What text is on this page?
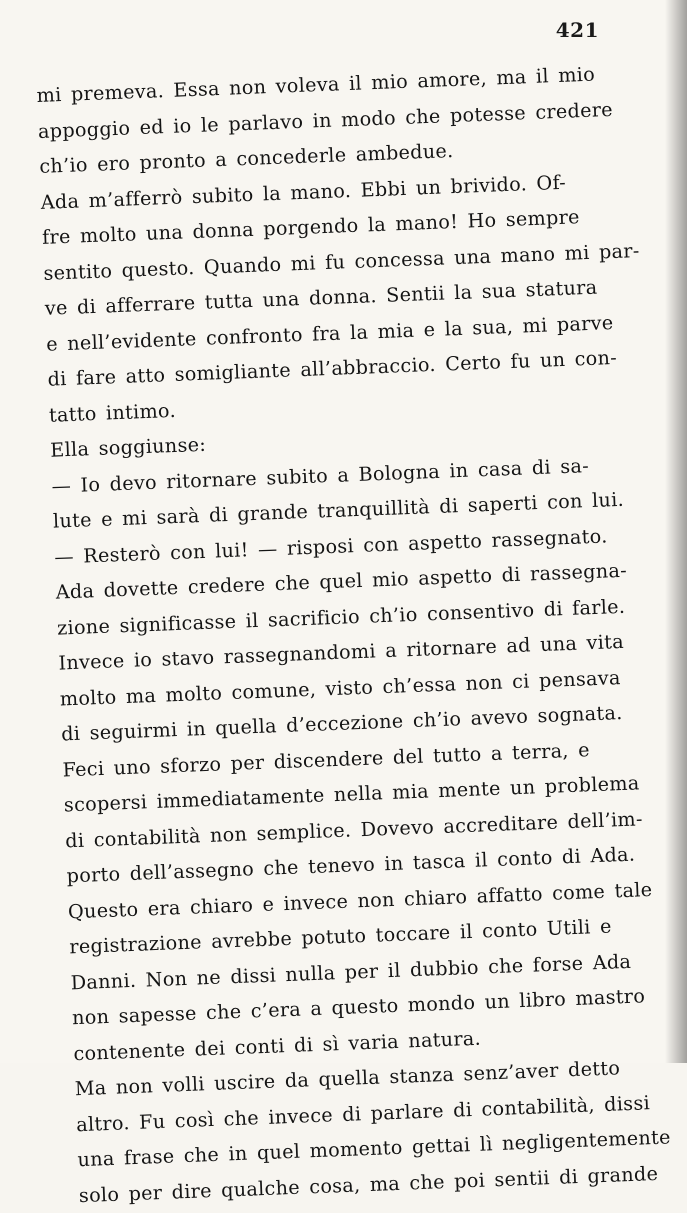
421
mi premeva. Essa non voleva il mio amore, ma il mio
appoggio ed io le parlavo in modo che potesse credere
ch’io ero pronto a concederle ambedue.
Ada m’afferrò subito la mano. Ebbi un brivido. Of-
fre molto una donna porgendo la mano! Ho sempre
sentito questo. Quando mi fu concessa una mano mi par-
ve di afferrare tutta una donna. Sentii la sua statura
e nell’evidente confronto fra la mia e la sua, mi parve
di fare atto somigliante all’abbraccio. Certo fu un con-
tatto intimo.
Ella soggiunse:
— Io devo ritornare subito a Bologna in casa di sa-
lute e mi sarà di grande tranquillità di saperti con lui.
— Resterò con lui! — risposi con aspetto rassegnato.
Ada dovette credere che quel mio aspetto di rassegna-
zione significasse il sacrificio ch’io consentivo di farle.
Invece io stavo rassegnandomi a ritornare ad una vita
molto ma molto comune, visto ch’essa non ci pensava
di seguirmi in quella d’eccezione ch’io avevo sognata.
Feci uno sforzo per discendere del tutto a terra, e
scopersi immediatamente nella mia mente un problema
di contabilità non semplice. Dovevo accreditare dell’im-
porto dell’assegno che tenevo in tasca il conto di Ada.
Questo era chiaro e invece non chiaro affatto come tale
registrazione avrebbe potuto toccare il conto Utili e
Danni. Non ne dissi nulla per il dubbio che forse Ada
non sapesse che c’era a questo mondo un libro mastro
contenente dei conti di sì varia natura.
Ma non volli uscire da quella stanza senz’aver detto
altro. Fu così che invece di parlare di contabilità, dissi
una frase che in quel momento gettai lì negligentemente
solo per dire qualche cosa, ma che poi sentii di grande
